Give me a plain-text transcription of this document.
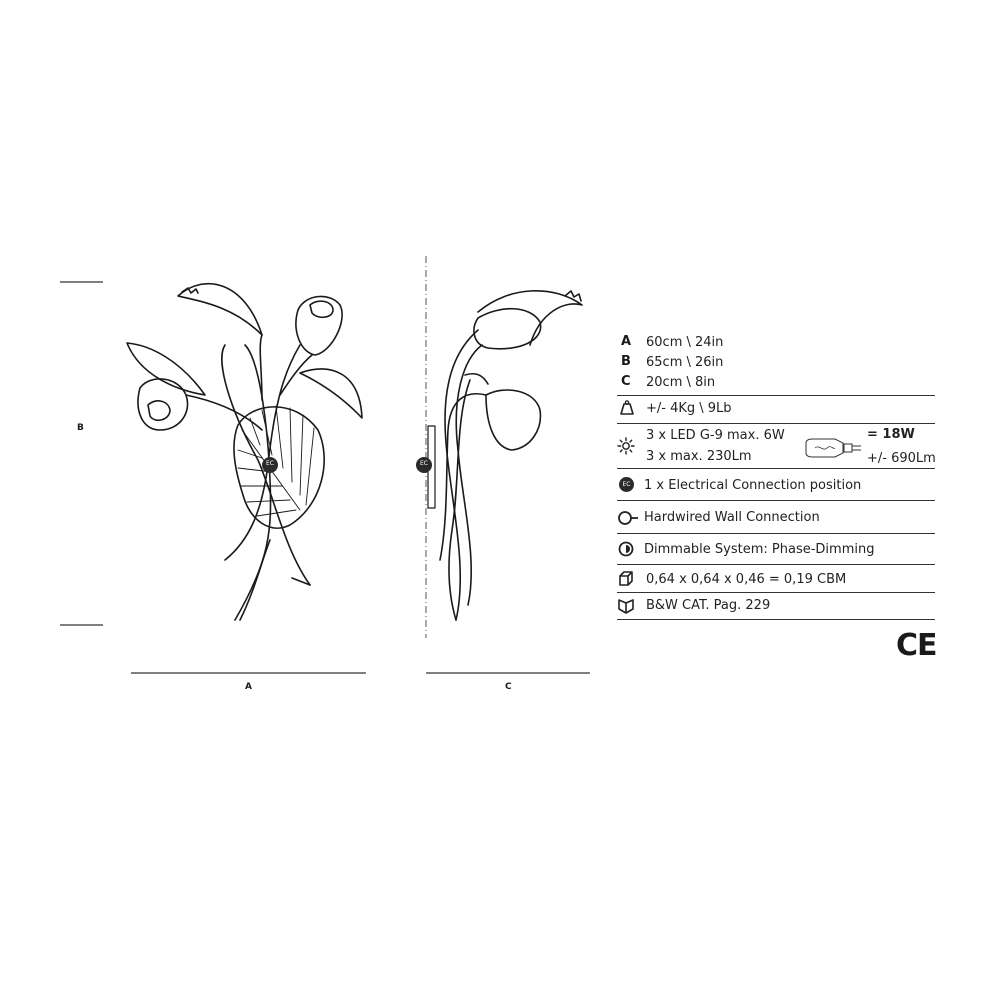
EC	EC
B
A	C
A 60cm \ 24in
B 65cm \ 26in
C 20cm \ 8in
+/- 4Kg \ 9Lb
3 x LED G-9 max. 6W
3 x max. 230Lm
= 18W
+/- 690Lm
EC 1 x Electrical Connection position
Hardwired Wall Connection
Dimmable System: Phase-Dimming
0,64 x 0,64 x 0,46 = 0,19 CBM
B&W CAT. Pag. 229
CE
